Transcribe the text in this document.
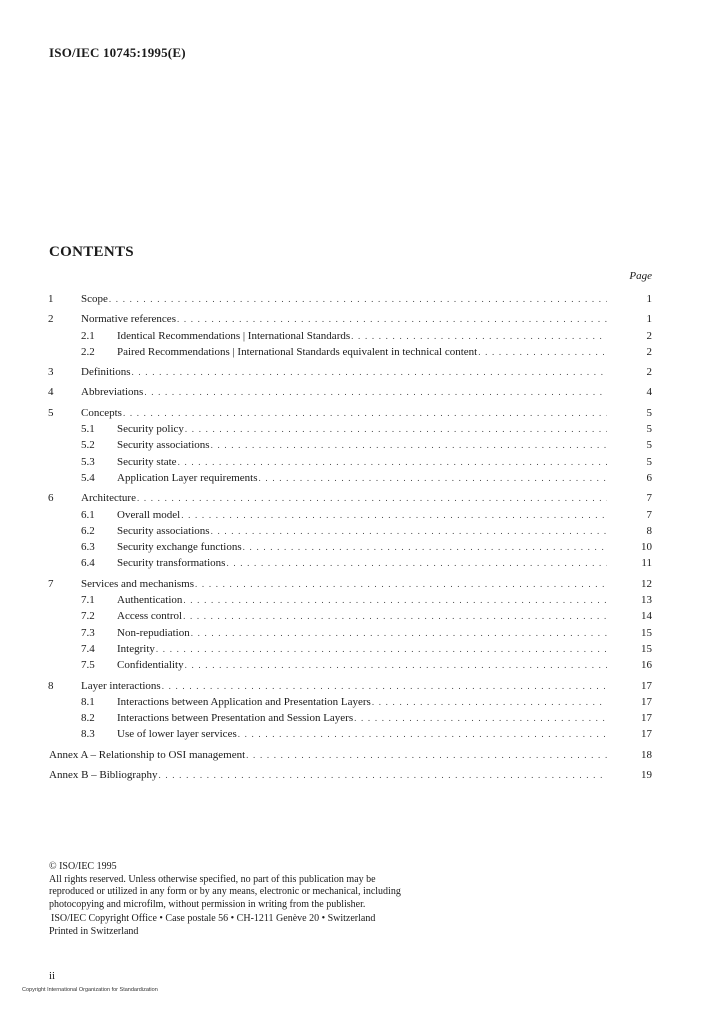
ISO/IEC 10745:1995(E)
CONTENTS
Page
1	Scope . . .	1
2	Normative references . . .	1
2.1	Identical Recommendations | International Standards . . .	2
2.2	Paired Recommendations | International Standards equivalent in technical content . . .	2
3	Definitions . . .	2
4	Abbreviations . . .	4
5	Concepts . . .	5
5.1	Security policy . . .	5
5.2	Security associations . . .	5
5.3	Security state . . .	5
5.4	Application Layer requirements . . .	6
6	Architecture . . .	7
6.1	Overall model . . .	7
6.2	Security associations . . .	8
6.3	Security exchange functions . . .	10
6.4	Security transformations . . .	11
7	Services and mechanisms . . .	12
7.1	Authentication . . .	13
7.2	Access control . . .	14
7.3	Non-repudiation . . .	15
7.4	Integrity . . .	15
7.5	Confidentiality . . .	16
8	Layer interactions . . .	17
8.1	Interactions between Application and Presentation Layers . . .	17
8.2	Interactions between Presentation and Session Layers . . .	17
8.3	Use of lower layer services . . .	17
Annex A – Relationship to OSI management . . .	18
Annex B – Bibliography . . .	19
© ISO/IEC 1995
All rights reserved. Unless otherwise specified, no part of this publication may be
reproduced or utilized in any form or by any means, electronic or mechanical, including
photocopying and microfilm, without permission in writing from the publisher.
ISO/IEC Copyright Office • Case postale 56 • CH-1211 Genève 20 • Switzerland
Printed in Switzerland
ii
Copyright International Organization for Standardization
